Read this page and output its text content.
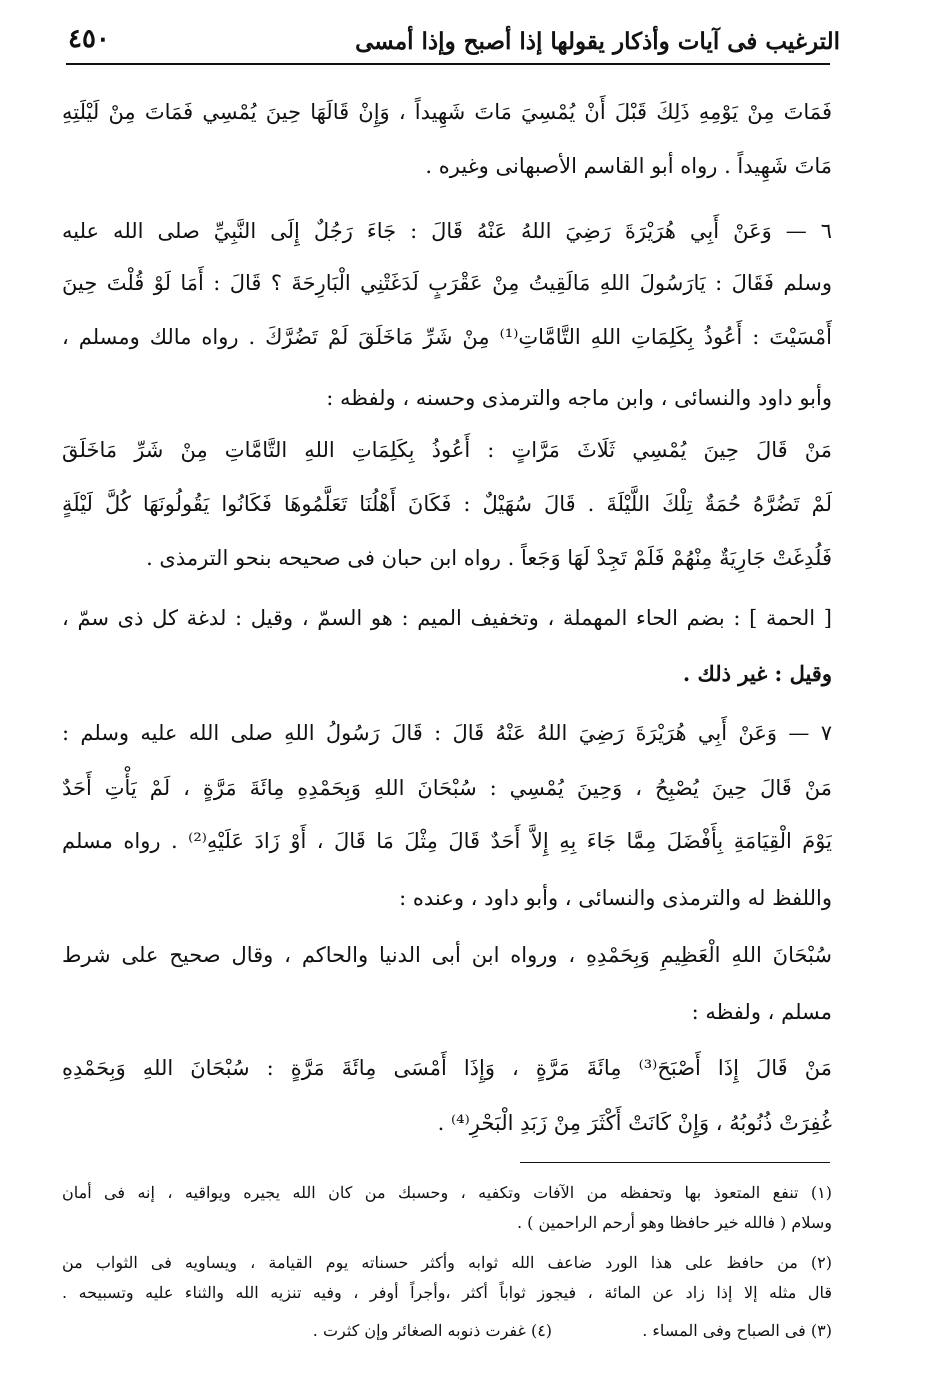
٤٥٠	الترغيب فى آيات وأذكار يقولها إذا أصبح وإذا أمسى
فَمَاتَ مِنْ يَوْمِهِ ذَلِكَ قَبْلَ أَنْ يُمْسِيَ مَاتَ شَهِيداً ، وَإِنْ قَالَهَا حِينَ يُمْسِي فَمَاتَ مِنْ لَيْلَتِهِ
مَاتَ شَهِيداً . رواه أبو القاسم الأصبهانى وغيره .
٦ — وَعَنْ أَبِي هُرَيْرَةَ رَضِيَ اللهُ عَنْهُ قَالَ : جَاءَ رَجُلٌ إِلَى النَّبِيِّ صلى الله عليه
وسلم فَقَالَ : يَارَسُولَ اللهِ مَالَقِيتُ مِنْ عَقْرَبٍ لَدَغَتْنِي الْبَارِحَةَ ؟ قَالَ : أَمَا لَوْ قُلْتَ حِينَ
أَمْسَيْتَ : أَعُوذُ بِكَلِمَاتِ اللهِ التَّامَّاتِ⁽¹⁾ مِنْ شَرِّ مَاخَلَقَ لَمْ تَضُرَّكَ . رواه مالك ومسلم ،
وأبو داود والنسائى ، وابن ماجه والترمذى وحسنه ، ولفظه :
مَنْ قَالَ حِينَ يُمْسِي ثَلَاثَ مَرَّاتٍ : أَعُوذُ بِكَلِمَاتِ اللهِ التَّامَّاتِ مِنْ شَرِّ مَاخَلَقَ
لَمْ تَضُرَّهُ حُمَةٌ تِلْكَ اللَّيْلَةَ . قَالَ سُهَيْلٌ : فَكَانَ أَهْلُنَا تَعَلَّمُوهَا فَكَانُوا يَقُولُونَهَا كُلَّ لَيْلَةٍ
فَلُدِغَتْ جَارِيَةٌ مِنْهُمْ فَلَمْ تَجِدْ لَهَا وَجَعاً . رواه ابن حبان فى صحيحه بنحو الترمذى .
[ الحمة ] : بضم الحاء المهملة ، وتخفيف الميم : هو السمّ ، وقيل : لدغة كل ذى سمّ ،
وقيل : غير ذلك .
٧ — وَعَنْ أَبِي هُرَيْرَةَ رَضِيَ اللهُ عَنْهُ قَالَ : قَالَ رَسُولُ اللهِ صلى الله عليه وسلم :
مَنْ قَالَ حِينَ يُصْبِحُ ، وَحِينَ يُمْسِي : سُبْحَانَ اللهِ وَبِحَمْدِهِ مِائَةَ مَرَّةٍ ، لَمْ يَأْتِ أَحَدٌ
يَوْمَ الْقِيَامَةِ بِأَفْضَلَ مِمَّا جَاءَ بِهِ إِلاَّ أَحَدٌ قَالَ مِثْلَ مَا قَالَ ، أَوْ زَادَ عَلَيْهِ⁽²⁾ . رواه مسلم
واللفظ له والترمذى والنسائى ، وأبو داود ، وعنده :
سُبْحَانَ اللهِ الْعَظِيمِ وَبِحَمْدِهِ ، ورواه ابن أبى الدنيا والحاكم ، وقال صحيح على شرط
مسلم ، ولفظه :
مَنْ قَالَ إِذَا أَصْبَحَ⁽³⁾ مِائَةَ مَرَّةٍ ، وَإِذَا أَمْسَى مِائَةَ مَرَّةٍ : سُبْحَانَ اللهِ وَبِحَمْدِهِ
غُفِرَتْ ذُنُوبُهُ ، وَإِنْ كَانَتْ أَكْثَرَ مِنْ زَبَدِ الْبَحْرِ⁽⁴⁾ .
(١) تنفع المتعوذ بها وتحفظه من الآفات وتكفيه ، وحسبك من كان الله يجيره ويواقيه ، إنه فى أمان
وسلام ( فالله خير حافظا وهو أرحم الراحمين ) .
(٢) من حافظ على هذا الورد ضاعف الله ثوابه وأكثر حسناته يوم القيامة ، ويساويه فى الثواب من
قال مثله إلا إذا زاد عن المائة ، فيجوز ثواباً أكثر ،وأجراً أوفر ، وفيه تنزيه الله والثناء عليه وتسبيحه .
(٣) فى الصباح وفى المساء .  (٤) غفرت ذنوبه الصغائر وإن كثرت .
